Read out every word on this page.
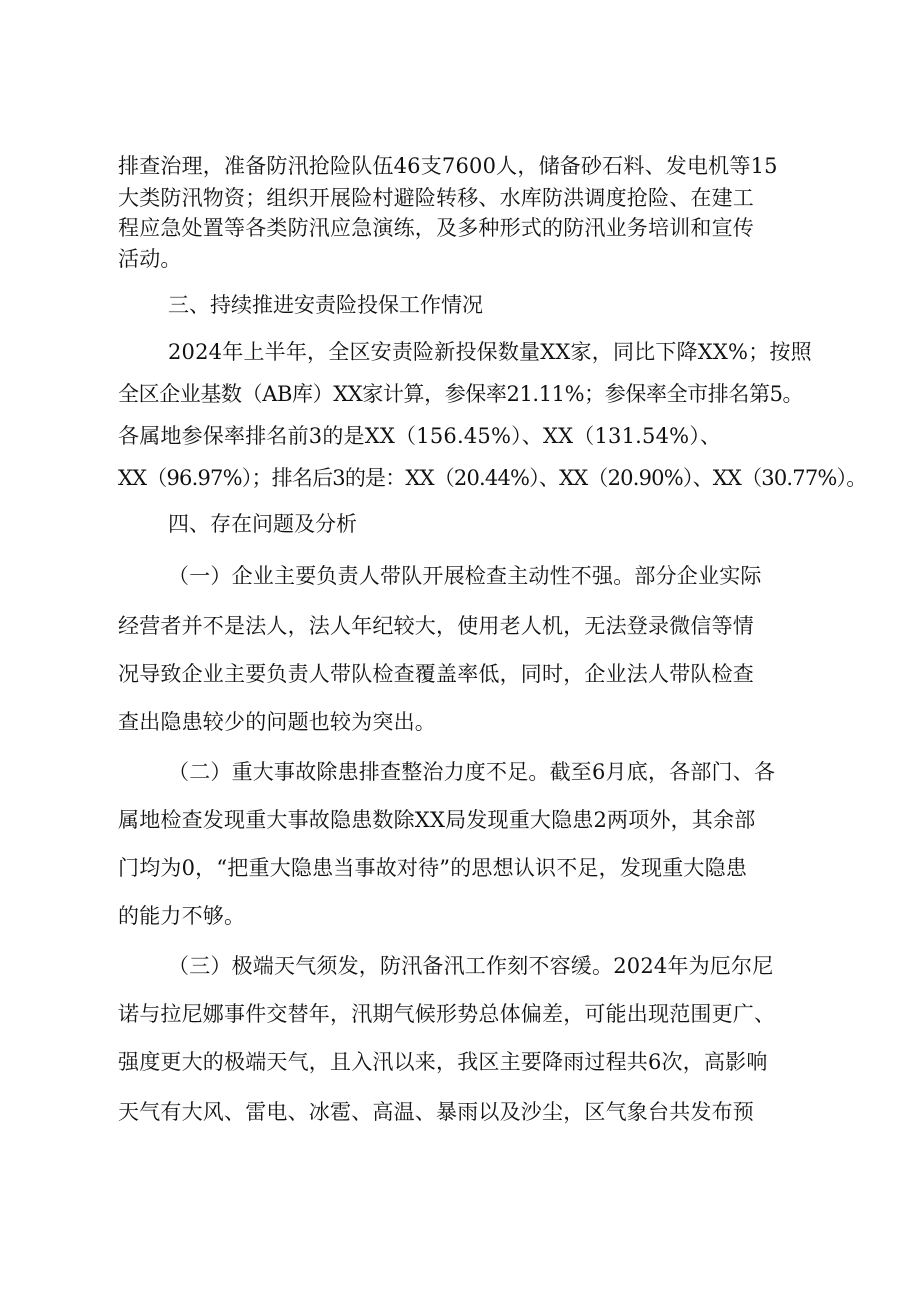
排查治理，准备防汛抢险队伍46支7600人，储备砂石料、发电机等15
大类防汛物资；组织开展险村避险转移、水库防洪调度抢险、在建工
程应急处置等各类防汛应急演练，及多种形式的防汛业务培训和宣传
活动。
三、持续推进安责险投保工作情况
2024年上半年，全区安责险新投保数量XX家，同比下降XX%；按照
全区企业基数（AB库）XX家计算，参保率21.11%；参保率全市排名第5。
各属地参保率排名前3的是XX（156.45%）、XX（131.54%）、
XX（96.97%）；排名后3的是：XX（20.44%）、XX（20.90%）、XX（30.77%）。
四、存在问题及分析
（一）企业主要负责人带队开展检查主动性不强。部分企业实际
经营者并不是法人，法人年纪较大，使用老人机，无法登录微信等情
况导致企业主要负责人带队检查覆盖率低，同时，企业法人带队检查
查出隐患较少的问题也较为突出。
（二）重大事故除患排查整治力度不足。截至6月底，各部门、各
属地检查发现重大事故隐患数除XX局发现重大隐患2两项外，其余部
门均为0，“把重大隐患当事故对待”的思想认识不足，发现重大隐患
的能力不够。
（三）极端天气须发，防汛备汛工作刻不容缓。2024年为厄尔尼
诺与拉尼娜事件交替年，汛期气候形势总体偏差，可能出现范围更广、
强度更大的极端天气，且入汛以来，我区主要降雨过程共6次，高影响
天气有大风、雷电、冰雹、高温、暴雨以及沙尘，区气象台共发布预
